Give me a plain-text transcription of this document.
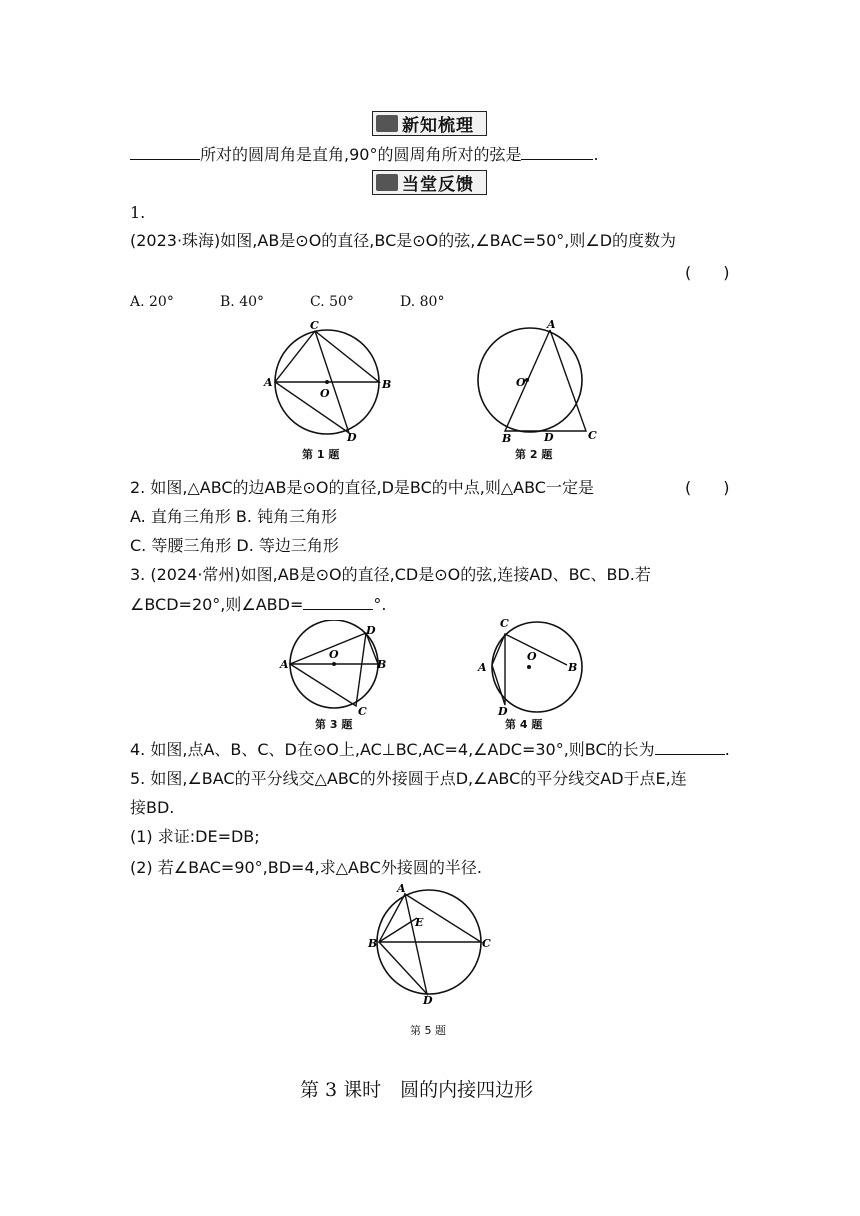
新知梳理
所对的圆周角是直角,90°的圆周角所对的弦是	.
当堂反馈
1.
(2023·珠海)如图,AB是⊙O的直径,BC是⊙O的弦,∠BAC=50°,则∠D的度数为
(　　)
A. 20°	B. 40°	C. 50°	D. 80°
C
A	B
O
D
第 1 题
A
O
B	D	C
第 2 题
2. 如图,△ABC的边AB是⊙O的直径,D是BC的中点,则△ABC一定是	(　　)
A. 直角三角形 B. 钝角三角形
C. 等腰三角形 D. 等边三角形
3. (2024·常州)如图,AB是⊙O的直径,CD是⊙O的弦,连接AD、BC、BD.若
∠BCD=20°,则∠ABD=	°.
D
A
O
B
C
第 3 题
C
A
O
B
D
第 4 题
4. 如图,点A、B、C、D在⊙O上,AC⊥BC,AC=4,∠ADC=30°,则BC的长为	.
5. 如图,∠BAC的平分线交△ABC的外接圆于点D,∠ABC的平分线交AD于点E,连
接BD.
(1) 求证:DE=DB;
(2) 若∠BAC=90°,BD=4,求△ABC外接圆的半径.
A
E
B	C
D
第 5 题
第 3 课时　圆的内接四边形
